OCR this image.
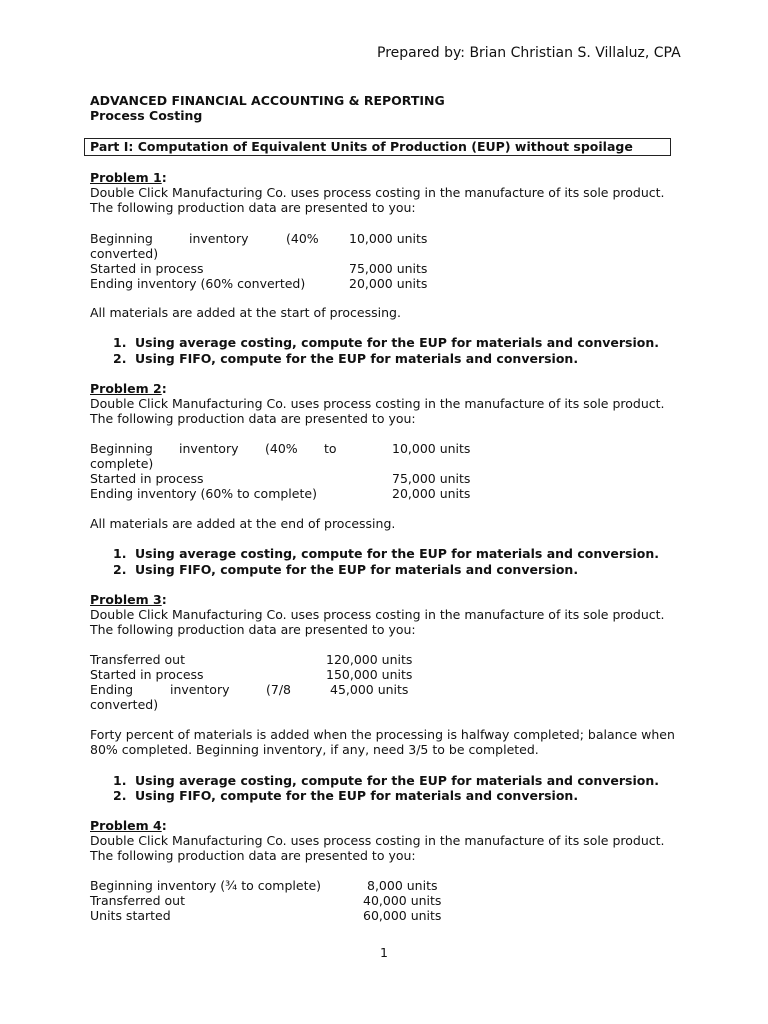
Prepared by: Brian Christian S. Villaluz, CPA
ADVANCED FINANCIAL ACCOUNTING & REPORTING
Process Costing
Part I: Computation of Equivalent Units of Production (EUP) without spoilage
Problem 1:
Double Click Manufacturing Co. uses process costing in the manufacture of its sole product.
The following production data are presented to you:
Beginning	inventory	(40% 10,000 units
converted)
Started in process	75,000 units
Ending inventory (60% converted)	20,000 units
All materials are added at the start of processing.
1. Using average costing, compute for the EUP for materials and conversion.
2. Using FIFO, compute for the EUP for materials and conversion.
Problem 2:
Double Click Manufacturing Co. uses process costing in the manufacture of its sole product.
The following production data are presented to you:
Beginning inventory (40% to	10,000 units
complete)
Started in process	75,000 units
Ending inventory (60% to complete)	20,000 units
All materials are added at the end of processing.
1. Using average costing, compute for the EUP for materials and conversion.
2. Using FIFO, compute for the EUP for materials and conversion.
Problem 3:
Double Click Manufacturing Co. uses process costing in the manufacture of its sole product.
The following production data are presented to you:
Transferred out	120,000 units
Started in process	150,000 units
Ending	inventory	(7/8	45,000 units
converted)
Forty percent of materials is added when the processing is halfway completed; balance when
80% completed. Beginning inventory, if any, need 3/5 to be completed.
1. Using average costing, compute for the EUP for materials and conversion.
2. Using FIFO, compute for the EUP for materials and conversion.
Problem 4:
Double Click Manufacturing Co. uses process costing in the manufacture of its sole product.
The following production data are presented to you:
Beginning inventory (¾ to complete)	8,000 units
Transferred out	40,000 units
Units started	60,000 units
1
